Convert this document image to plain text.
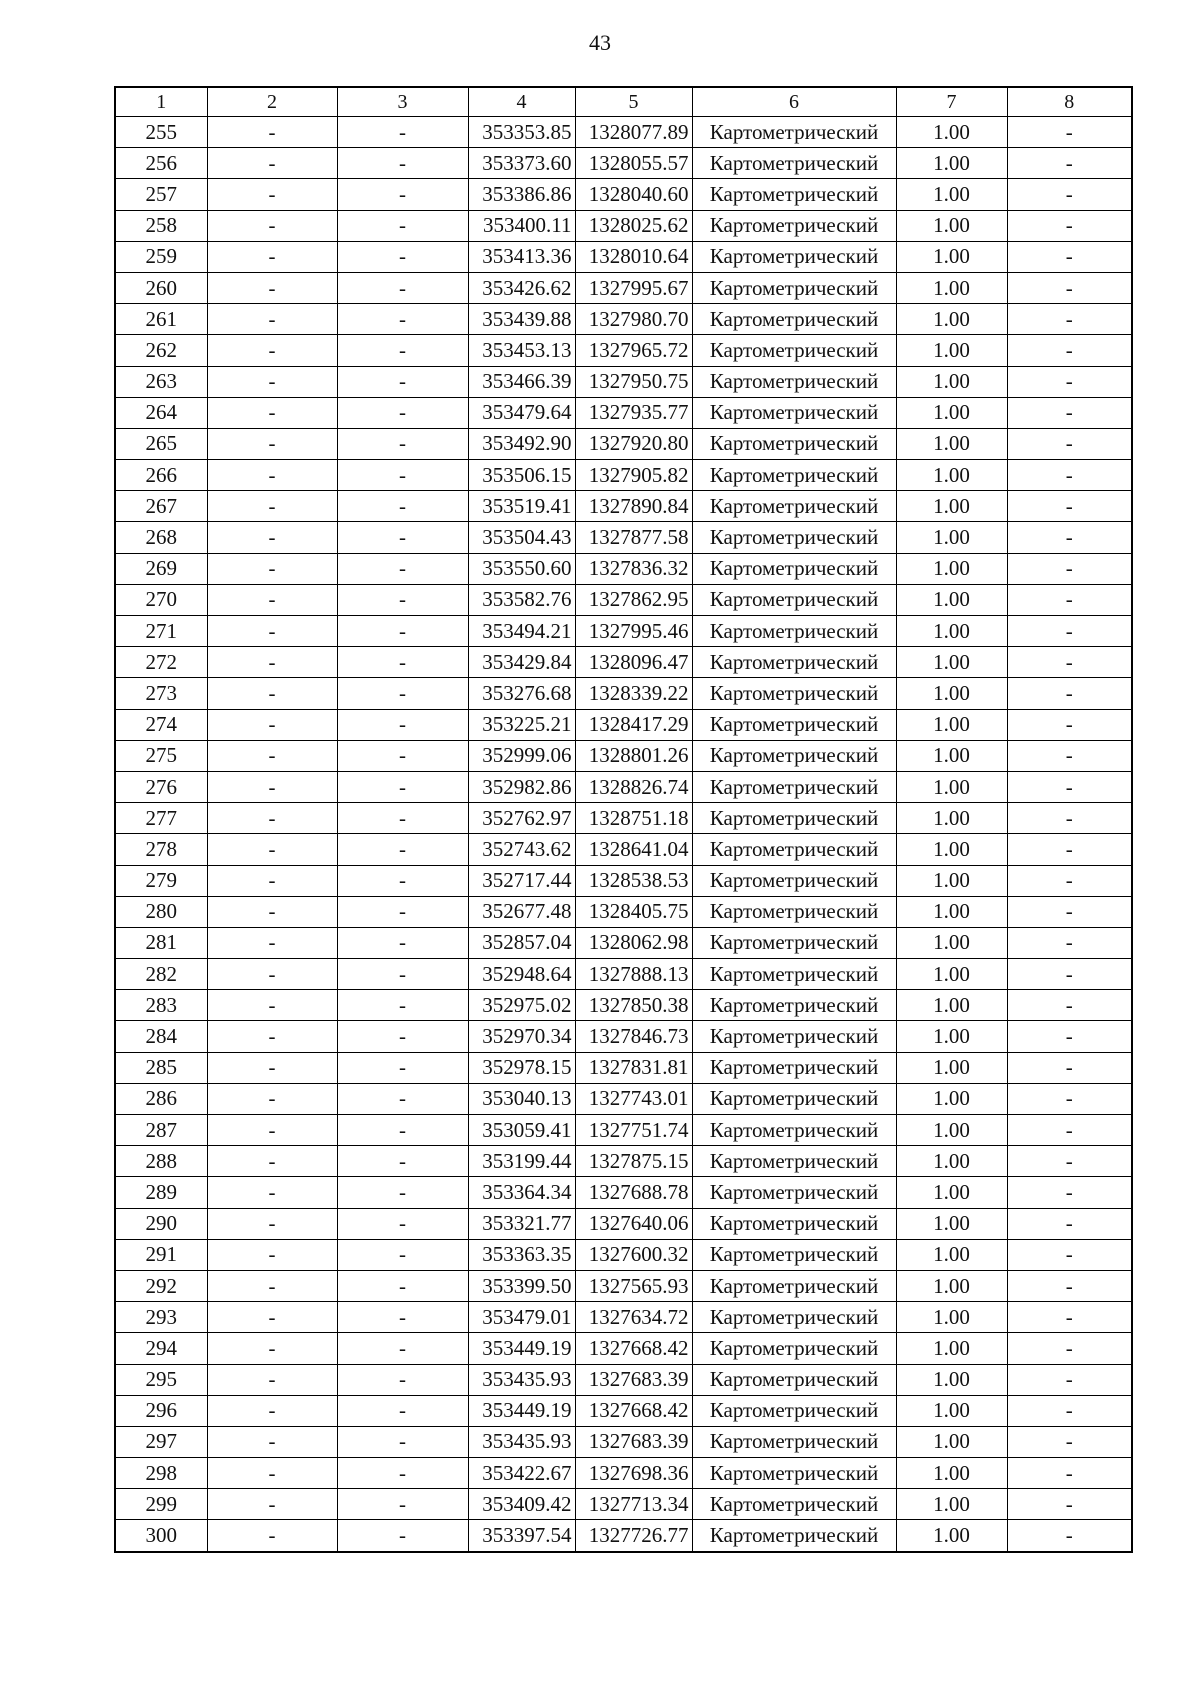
43
1	2	3	4	5	6	7	8
255	-	-	353353.85	1328077.89	Картометрический	1.00	-
256	-	-	353373.60	1328055.57	Картометрический	1.00	-
257	-	-	353386.86	1328040.60	Картометрический	1.00	-
258	-	-	353400.11	1328025.62	Картометрический	1.00	-
259	-	-	353413.36	1328010.64	Картометрический	1.00	-
260	-	-	353426.62	1327995.67	Картометрический	1.00	-
261	-	-	353439.88	1327980.70	Картометрический	1.00	-
262	-	-	353453.13	1327965.72	Картометрический	1.00	-
263	-	-	353466.39	1327950.75	Картометрический	1.00	-
264	-	-	353479.64	1327935.77	Картометрический	1.00	-
265	-	-	353492.90	1327920.80	Картометрический	1.00	-
266	-	-	353506.15	1327905.82	Картометрический	1.00	-
267	-	-	353519.41	1327890.84	Картометрический	1.00	-
268	-	-	353504.43	1327877.58	Картометрический	1.00	-
269	-	-	353550.60	1327836.32	Картометрический	1.00	-
270	-	-	353582.76	1327862.95	Картометрический	1.00	-
271	-	-	353494.21	1327995.46	Картометрический	1.00	-
272	-	-	353429.84	1328096.47	Картометрический	1.00	-
273	-	-	353276.68	1328339.22	Картометрический	1.00	-
274	-	-	353225.21	1328417.29	Картометрический	1.00	-
275	-	-	352999.06	1328801.26	Картометрический	1.00	-
276	-	-	352982.86	1328826.74	Картометрический	1.00	-
277	-	-	352762.97	1328751.18	Картометрический	1.00	-
278	-	-	352743.62	1328641.04	Картометрический	1.00	-
279	-	-	352717.44	1328538.53	Картометрический	1.00	-
280	-	-	352677.48	1328405.75	Картометрический	1.00	-
281	-	-	352857.04	1328062.98	Картометрический	1.00	-
282	-	-	352948.64	1327888.13	Картометрический	1.00	-
283	-	-	352975.02	1327850.38	Картометрический	1.00	-
284	-	-	352970.34	1327846.73	Картометрический	1.00	-
285	-	-	352978.15	1327831.81	Картометрический	1.00	-
286	-	-	353040.13	1327743.01	Картометрический	1.00	-
287	-	-	353059.41	1327751.74	Картометрический	1.00	-
288	-	-	353199.44	1327875.15	Картометрический	1.00	-
289	-	-	353364.34	1327688.78	Картометрический	1.00	-
290	-	-	353321.77	1327640.06	Картометрический	1.00	-
291	-	-	353363.35	1327600.32	Картометрический	1.00	-
292	-	-	353399.50	1327565.93	Картометрический	1.00	-
293	-	-	353479.01	1327634.72	Картометрический	1.00	-
294	-	-	353449.19	1327668.42	Картометрический	1.00	-
295	-	-	353435.93	1327683.39	Картометрический	1.00	-
296	-	-	353449.19	1327668.42	Картометрический	1.00	-
297	-	-	353435.93	1327683.39	Картометрический	1.00	-
298	-	-	353422.67	1327698.36	Картометрический	1.00	-
299	-	-	353409.42	1327713.34	Картометрический	1.00	-
300	-	-	353397.54	1327726.77	Картометрический	1.00	-
